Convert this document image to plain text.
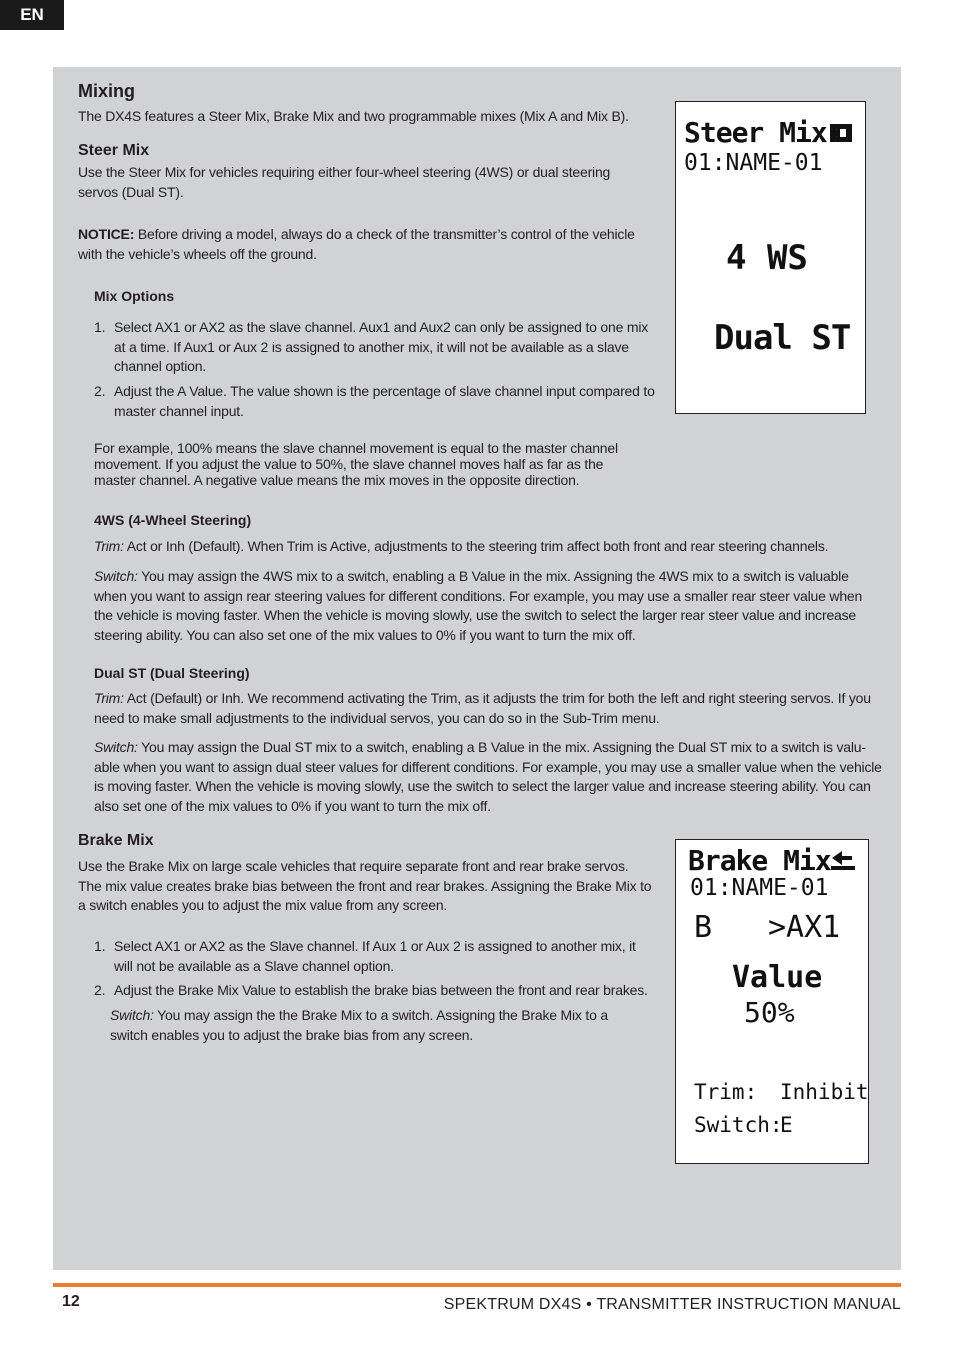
EN

Mixing

The DX4S features a Steer Mix, Brake Mix and two programmable mixes (Mix A and Mix B).

Steer Mix

Use the Steer Mix for vehicles requiring either four-wheel steering (4WS) or dual steering servos (Dual ST).

NOTICE: Before driving a model, always do a check of the transmitter’s control of the vehicle with the vehicle’s wheels off the ground.

Mix Options

1. Select AX1 or AX2 as the slave channel. Aux1 and Aux2 can only be assigned to one mix at a time. If Aux1 or Aux 2 is assigned to another mix, it will not be available as a slave channel option.
2. Adjust the A Value. The value shown is the percentage of slave channel input compared to master channel input.

For example, 100% means the slave channel movement is equal to the master channel movement. If you adjust the value to 50%, the slave channel moves half as far as the master channel. A negative value means the mix moves in the opposite direction.

4WS (4-Wheel Steering)

Trim: Act or Inh (Default). When Trim is Active, adjustments to the steering trim affect both front and rear steering channels.

Switch: You may assign the 4WS mix to a switch, enabling a B Value in the mix. Assigning the 4WS mix to a switch is valuable when you want to assign rear steering values for different conditions. For example, you may use a smaller rear steer value when the vehicle is moving faster. When the vehicle is moving slowly, use the switch to select the larger rear steer value and increase steering ability. You can also set one of the mix values to 0% if you want to turn the mix off.

Dual ST (Dual Steering)

Trim: Act (Default) or Inh. We recommend activating the Trim, as it adjusts the trim for both the left and right steering servos. If you need to make small adjustments to the individual servos, you can do so in the Sub-Trim menu.

Switch: You may assign the Dual ST mix to a switch, enabling a B Value in the mix. Assigning the Dual ST mix to a switch is valu-able when you want to assign dual steer values for different conditions. For example, you may use a smaller value when the vehicle is moving faster. When the vehicle is moving slowly, use the switch to select the larger value and increase steering ability. You can also set one of the mix values to 0% if you want to turn the mix off.

Brake Mix

Use the Brake Mix on large scale vehicles that require separate front and rear brake servos. The mix value creates brake bias between the front and rear brakes. Assigning the Brake Mix to a switch enables you to adjust the mix value from any screen.

1. Select AX1 or AX2 as the Slave channel. If Aux 1 or Aux 2 is assigned to another mix, it will not be available as a Slave channel option.
2. Adjust the Brake Mix Value to establish the brake bias between the front and rear brakes.

Switch: You may assign the the Brake Mix to a switch. Assigning the Brake Mix to a switch enables you to adjust the brake bias from any screen.

Steer Mix

01:NAME-01

4 WS

Dual ST

Brake Mix

01:NAME-01

B >AX1

Value

50%

Trim: Inhibit

Switch:

E

12	SPEKTRUM DX4S • TRANSMITTER INSTRUCTION MANUAL
